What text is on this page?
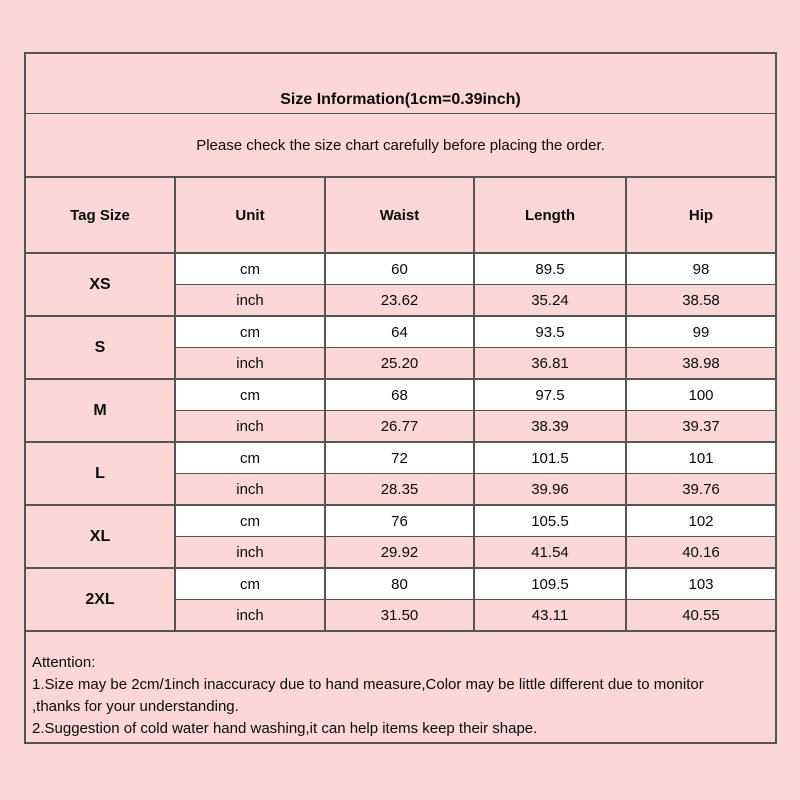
Size Information(1cm=0.39inch)
Please check the size chart carefully before placing the order.
Tag Size	Unit	Waist	Length	Hip
XS
cm	60	89.5	98
inch	23.62	35.24	38.58
S
cm	64	93.5	99
inch	25.20	36.81	38.98
M
cm	68	97.5	100
inch	26.77	38.39	39.37
L
cm	72	101.5	101
inch	28.35	39.96	39.76
XL
cm	76	105.5	102
inch	29.92	41.54	40.16
2XL
cm	80	109.5	103
inch	31.50	43.11	40.55
Attention:
1.Size may be 2cm/1inch inaccuracy due to hand measure,Color may be little different due to monitor
,thanks for your understanding.
2.Suggestion of cold water hand washing,it can help items keep their shape.
